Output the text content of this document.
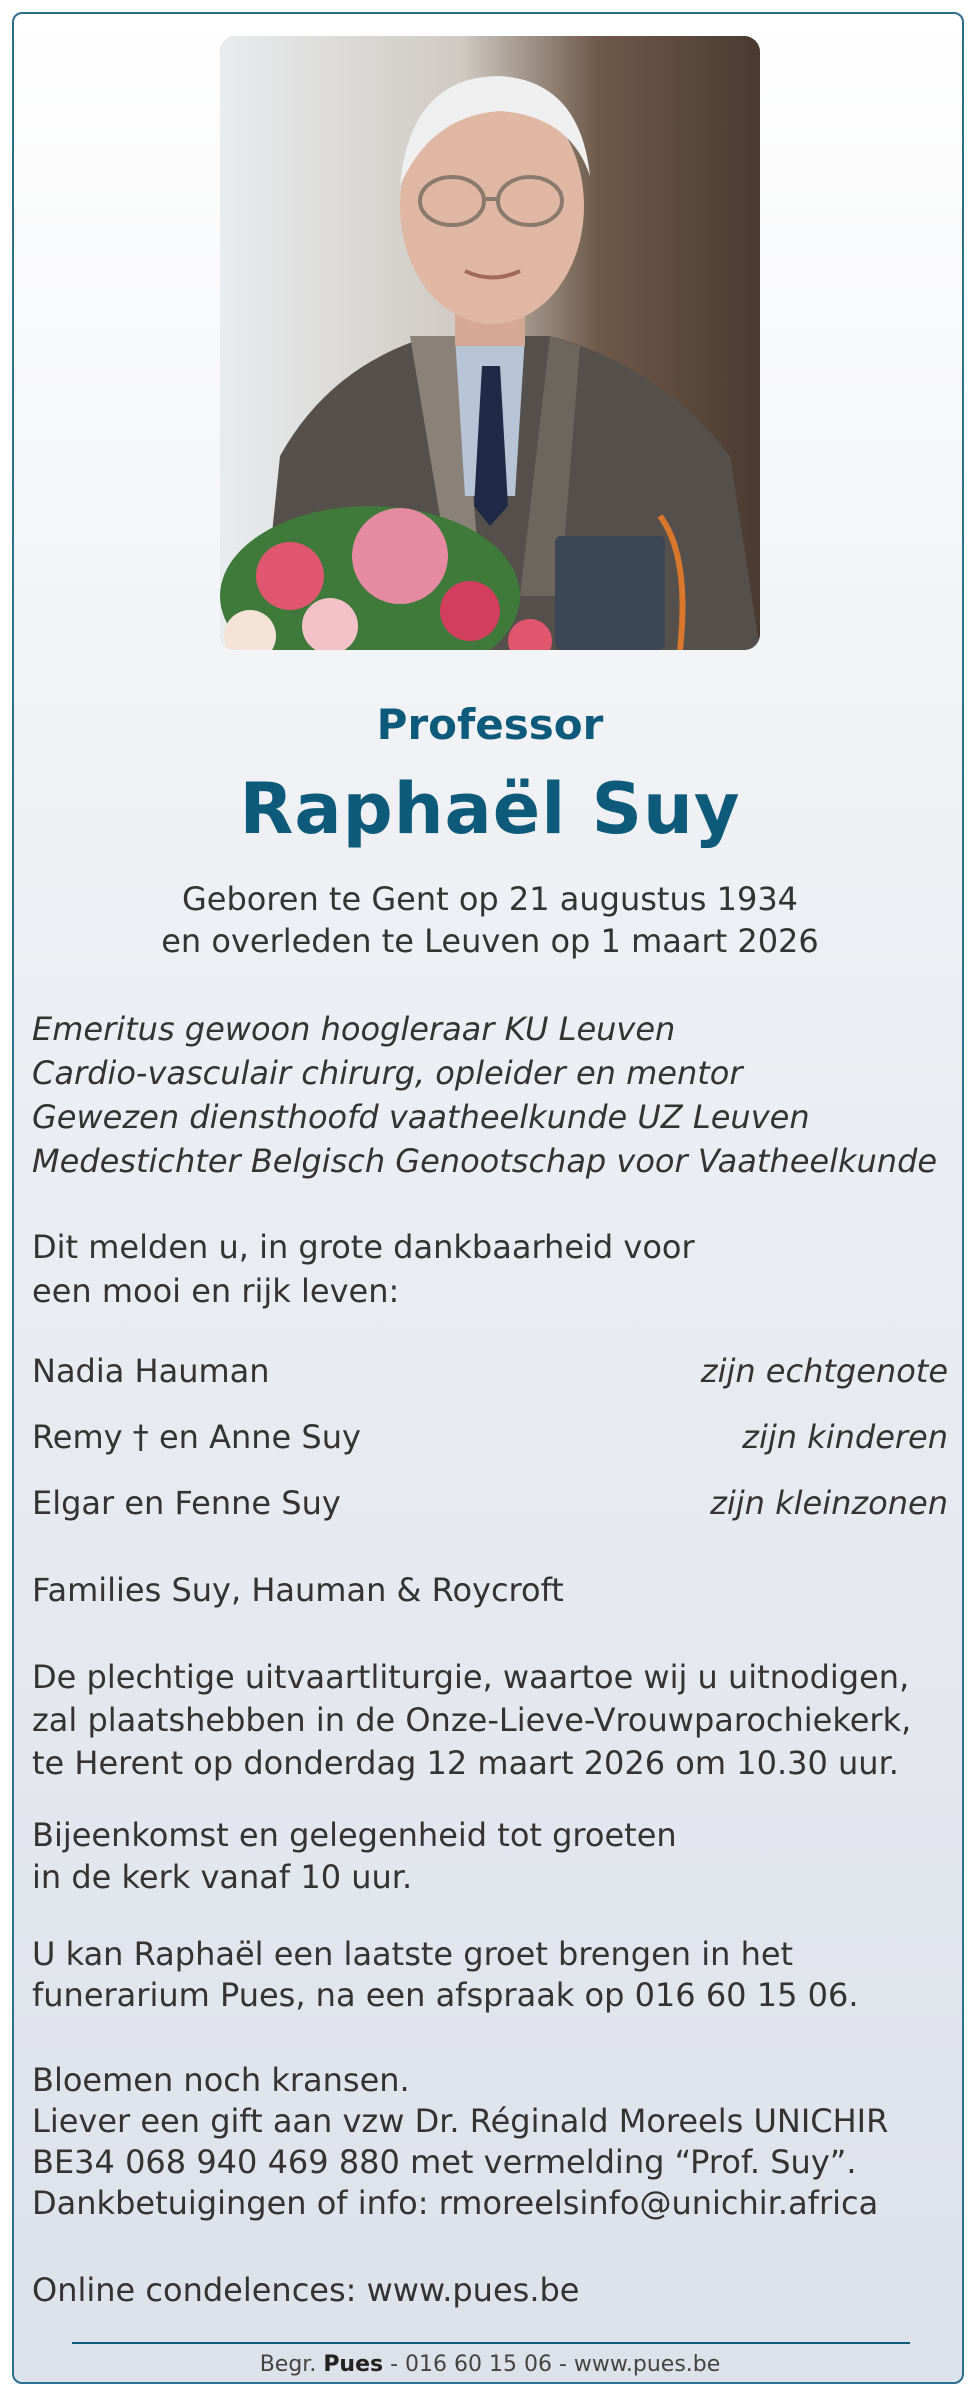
Professor
Raphaël Suy
Geboren te Gent op 21 augustus 1934
en overleden te Leuven op 1 maart 2026
Emeritus gewoon hoogleraar KU Leuven
Cardio-vasculair chirurg, opleider en mentor
Gewezen diensthoofd vaatheelkunde UZ Leuven
Medestichter Belgisch Genootschap voor Vaatheelkunde
Dit melden u, in grote dankbaarheid voor
een mooi en rijk leven:
Nadia Hauman	zijn echtgenote
Remy † en Anne Suy	zijn kinderen
Elgar en Fenne Suy	zijn kleinzonen
Families Suy, Hauman & Roycroft
De plechtige uitvaartliturgie, waartoe wij u uitnodigen,
zal plaatshebben in de Onze-Lieve-Vrouwparochiekerk,
te Herent op donderdag 12 maart 2026 om 10.30 uur.
Bijeenkomst en gelegenheid tot groeten
in de kerk vanaf 10 uur.
U kan Raphaël een laatste groet brengen in het
funerarium Pues, na een afspraak op 016 60 15 06.
Bloemen noch kransen.
Liever een gift aan vzw Dr. Réginald Moreels UNICHIR
BE34 068 940 469 880 met vermelding “Prof. Suy”.
Dankbetuigingen of info: rmoreelsinfo@unichir.africa
Online condelences: www.pues.be
Begr. Pues - 016 60 15 06 - www.pues.be
